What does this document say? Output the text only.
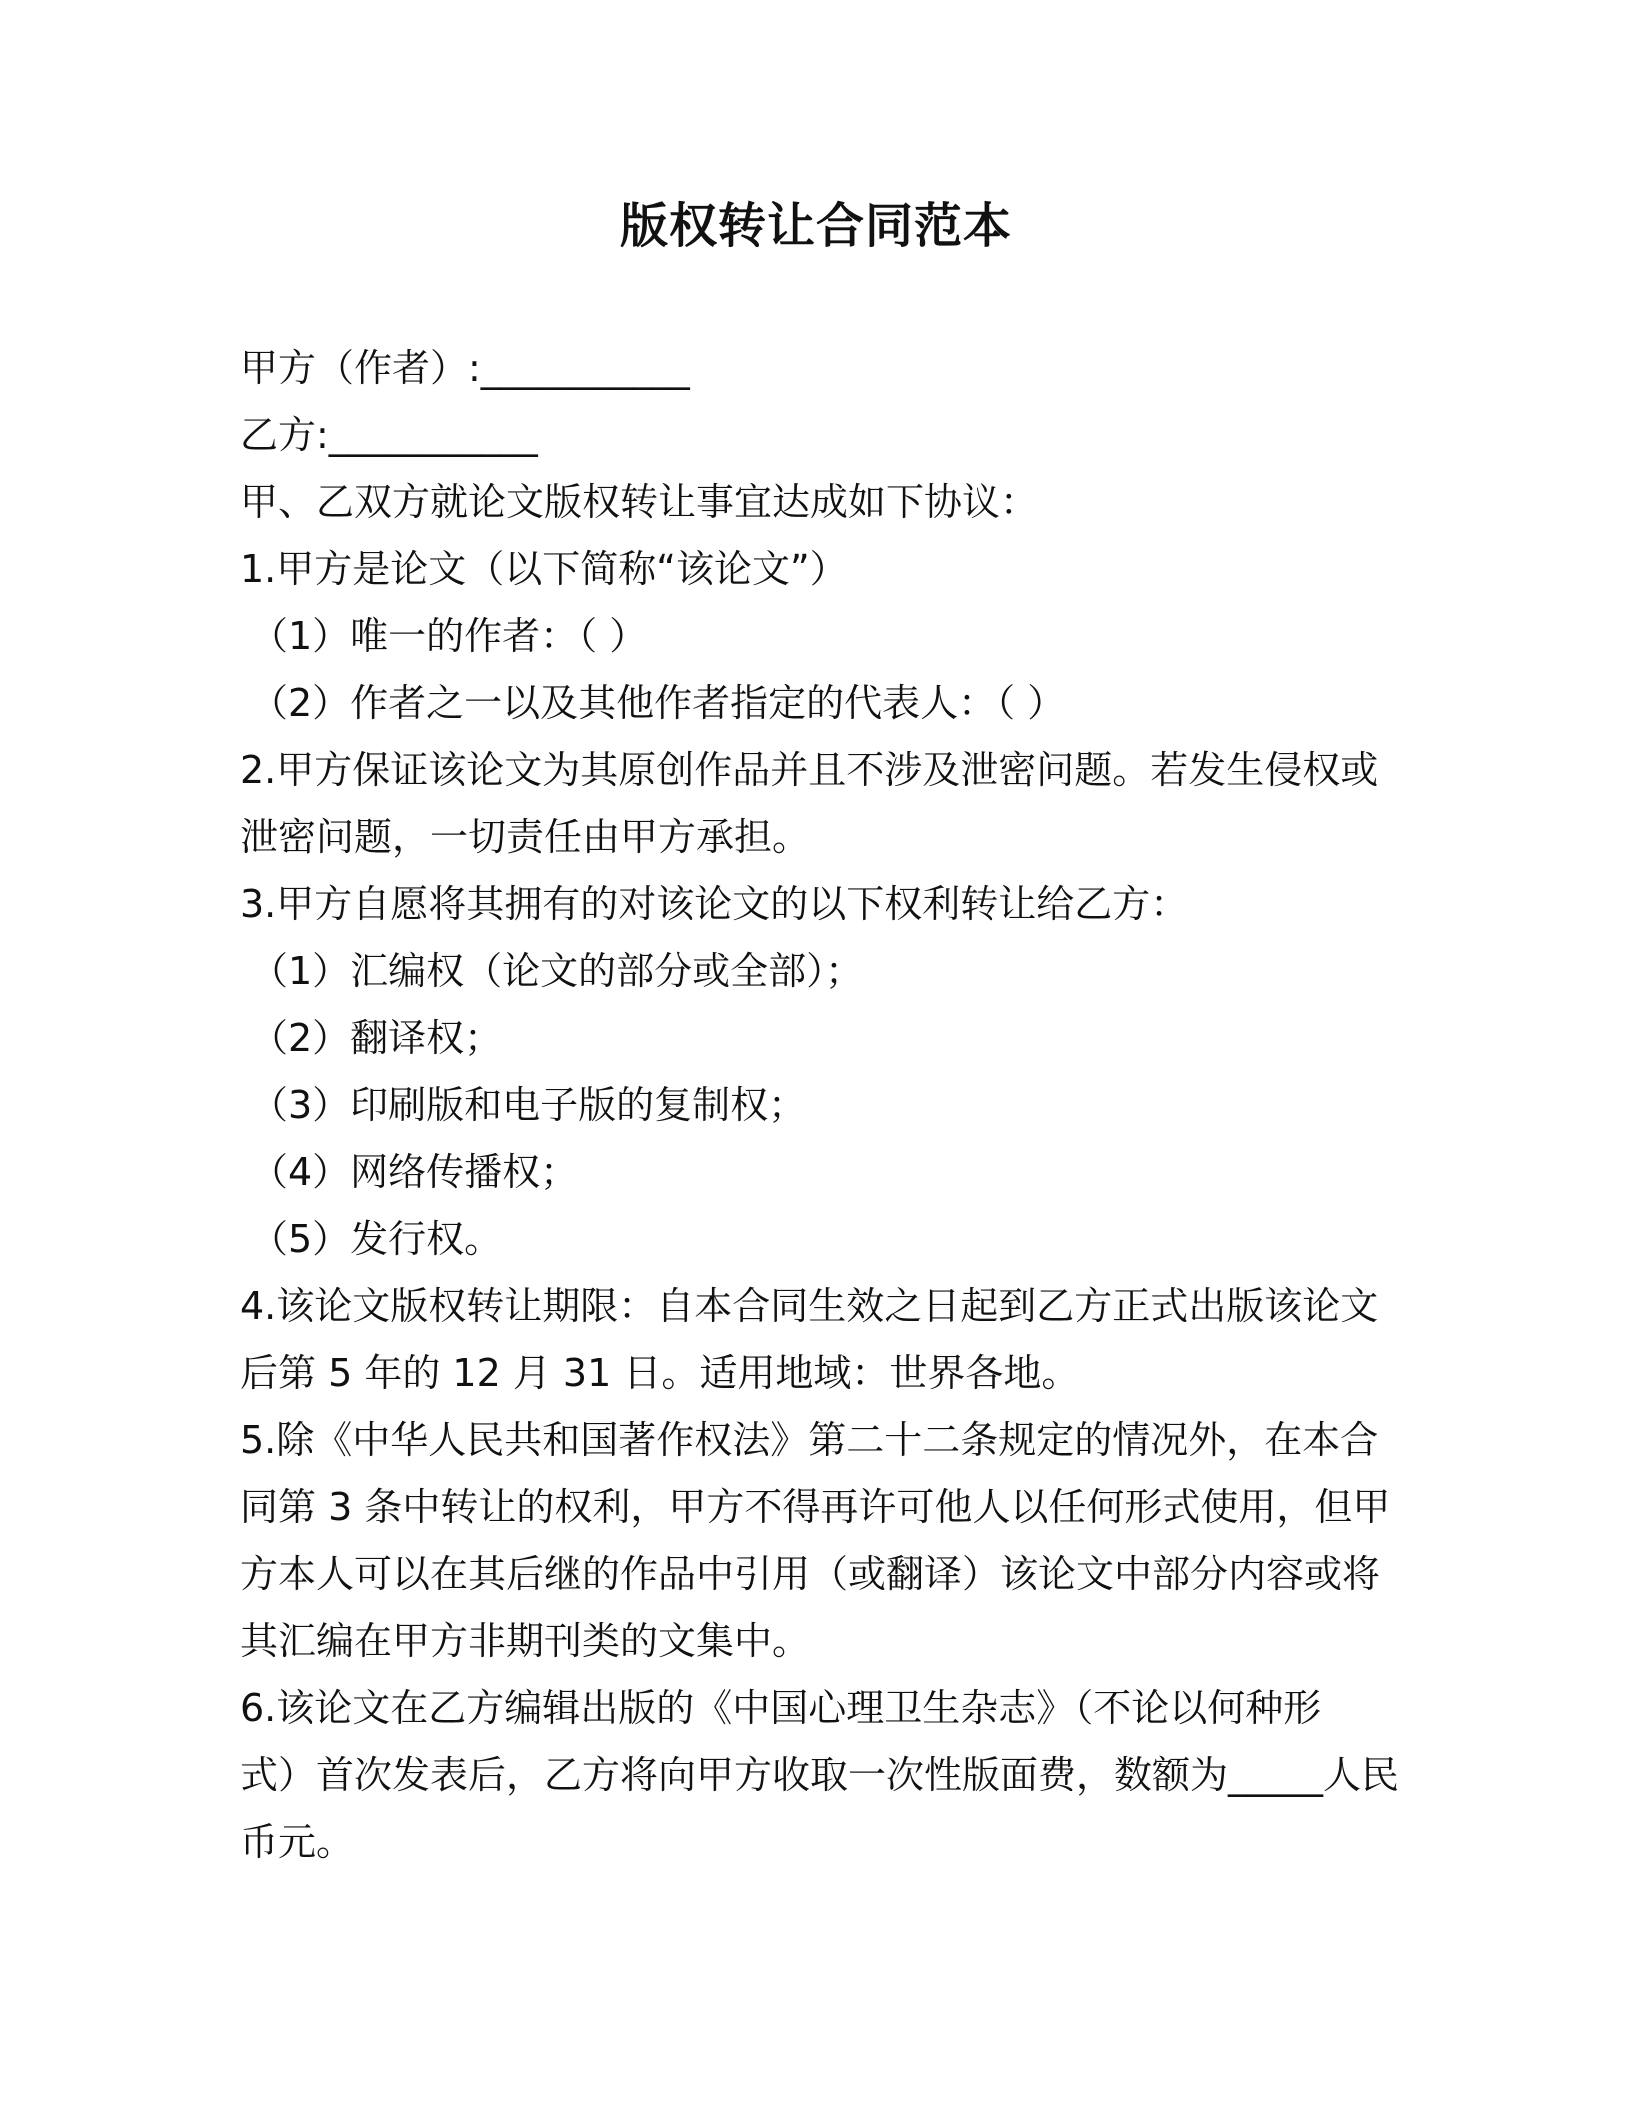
版权转让合同范本
甲方（作者）:___________
乙方:___________
甲、乙双方就论文版权转让事宜达成如下协议：
1.甲方是论文（以下简称“该论文”）
（1）唯一的作者：（ ）
（2）作者之一以及其他作者指定的代表人：（ ）
2.甲方保证该论文为其原创作品并且不涉及泄密问题。若发生侵权或
泄密问题，一切责任由甲方承担。
3.甲方自愿将其拥有的对该论文的以下权利转让给乙方：
（1）汇编权（论文的部分或全部）；
（2）翻译权；
（3）印刷版和电子版的复制权；
（4）网络传播权；
（5）发行权。
4.该论文版权转让期限：自本合同生效之日起到乙方正式出版该论文
后第 5 年的 12 月 31 日。适用地域：世界各地。
5.除《中华人民共和国著作权法》第二十二条规定的情况外，在本合
同第 3 条中转让的权利，甲方不得再许可他人以任何形式使用，但甲
方本人可以在其后继的作品中引用（或翻译）该论文中部分内容或将
其汇编在甲方非期刊类的文集中。
6.该论文在乙方编辑出版的《中国心理卫生杂志》（不论以何种形
式）首次发表后，乙方将向甲方收取一次性版面费，数额为_____人民
币元。
